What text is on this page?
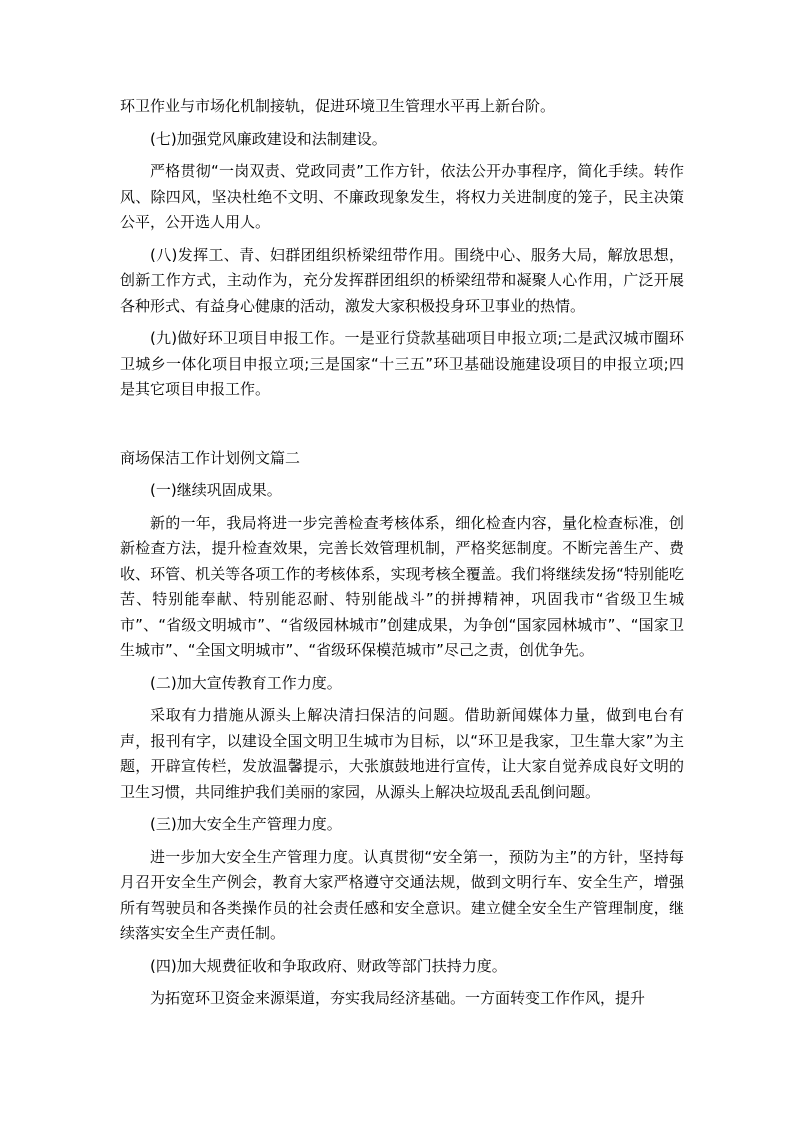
环卫作业与市场化机制接轨，促进环境卫生管理水平再上新台阶。

(七)加强党风廉政建设和法制建设。

严格贯彻“一岗双责、党政同责”工作方针，依法公开办事程序，简化手续。转作风、除四风，坚决杜绝不文明、不廉政现象发生，将权力关进制度的笼子，民主决策公平，公开选人用人。

(八)发挥工、青、妇群团组织桥梁纽带作用。围绕中心、服务大局，解放思想，创新工作方式，主动作为，充分发挥群团组织的桥梁纽带和凝聚人心作用，广泛开展各种形式、有益身心健康的活动，激发大家积极投身环卫事业的热情。

(九)做好环卫项目申报工作。一是亚行贷款基础项目申报立项;二是武汉城市圈环卫城乡一体化项目申报立项;三是国家“十三五”环卫基础设施建设项目的申报立项;四是其它项目申报工作。

商场保洁工作计划例文篇二

(一)继续巩固成果。

新的一年，我局将进一步完善检查考核体系，细化检查内容，量化检查标准，创新检查方法，提升检查效果，完善长效管理机制，严格奖惩制度。不断完善生产、费收、环管、机关等各项工作的考核体系，实现考核全覆盖。我们将继续发扬“特别能吃苦、特别能奉献、特别能忍耐、特别能战斗”的拼搏精神，巩固我市“省级卫生城市”、“省级文明城市”、“省级园林城市”创建成果，为争创“国家园林城市”、“国家卫生城市”、“全国文明城市”、“省级环保模范城市”尽己之责，创优争先。

(二)加大宣传教育工作力度。

采取有力措施从源头上解决清扫保洁的问题。借助新闻媒体力量，做到电台有声，报刊有字，以建设全国文明卫生城市为目标，以“环卫是我家，卫生靠大家”为主题，开辟宣传栏，发放温馨提示，大张旗鼓地进行宣传，让大家自觉养成良好文明的卫生习惯，共同维护我们美丽的家园，从源头上解决垃圾乱丢乱倒问题。

(三)加大安全生产管理力度。

进一步加大安全生产管理力度。认真贯彻“安全第一，预防为主”的方针，坚持每月召开安全生产例会，教育大家严格遵守交通法规，做到文明行车、安全生产，增强所有驾驶员和各类操作员的社会责任感和安全意识。建立健全安全生产管理制度，继续落实安全生产责任制。

(四)加大规费征收和争取政府、财政等部门扶持力度。

为拓宽环卫资金来源渠道，夯实我局经济基础。一方面转变工作作风，提升
